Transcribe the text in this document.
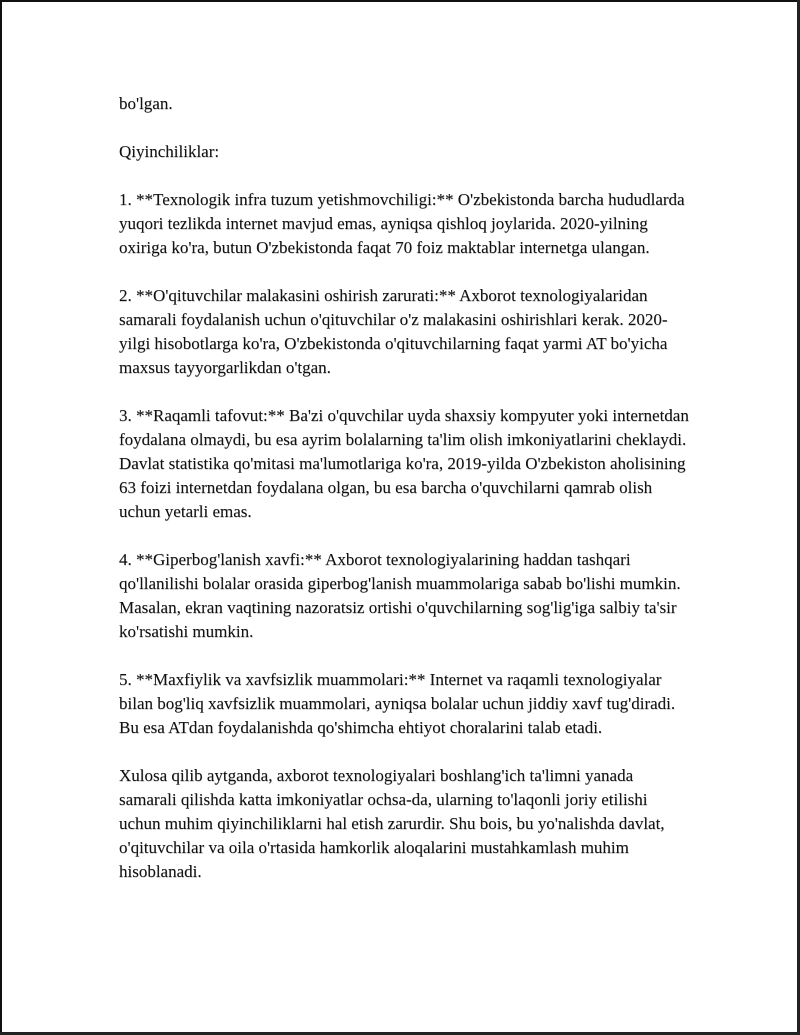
bo'lgan.

Qiyinchiliklar:

1. **Texnologik infra tuzum yetishmovchiligi:** O'zbekistonda barcha hududlarda yuqori tezlikda internet mavjud emas, ayniqsa qishloq joylarida. 2020-yilning oxiriga ko'ra, butun O'zbekistonda faqat 70 foiz maktablar internetga ulangan.

2. **O'qituvchilar malakasini oshirish zarurati:** Axborot texnologiyalaridan samarali foydalanish uchun o'qituvchilar o'z malakasini oshirishlari kerak. 2020-yilgi hisobotlarga ko'ra, O'zbekistonda o'qituvchilarning faqat yarmi AT bo'yicha maxsus tayyorgarlikdan o'tgan.

3. **Raqamli tafovut:** Ba'zi o'quvchilar uyda shaxsiy kompyuter yoki internetdan foydalana olmaydi, bu esa ayrim bolalarning ta'lim olish imkoniyatlarini cheklaydi. Davlat statistika qo'mitasi ma'lumotlariga ko'ra, 2019-yilda O'zbekiston aholisining 63 foizi internetdan foydalana olgan, bu esa barcha o'quvchilarni qamrab olish uchun yetarli emas.

4. **Giperbog'lanish xavfi:** Axborot texnologiyalarining haddan tashqari qo'llanilishi bolalar orasida giperbog'lanish muammolariga sabab bo'lishi mumkin. Masalan, ekran vaqtining nazoratsiz ortishi o'quvchilarning sog'lig'iga salbiy ta'sir ko'rsatishi mumkin.

5. **Maxfiylik va xavfsizlik muammolari:** Internet va raqamli texnologiyalar bilan bog'liq xavfsizlik muammolari, ayniqsa bolalar uchun jiddiy xavf tug'diradi. Bu esa ATdan foydalanishda qo'shimcha ehtiyot choralarini talab etadi.

Xulosa qilib aytganda, axborot texnologiyalari boshlang'ich ta'limni yanada samarali qilishda katta imkoniyatlar ochsa-da, ularning to'laqonli joriy etilishi uchun muhim qiyinchiliklarni hal etish zarurdir. Shu bois, bu yo'nalishda davlat, o'qituvchilar va oila o'rtasida hamkorlik aloqalarini mustahkamlash muhim hisoblanadi.
